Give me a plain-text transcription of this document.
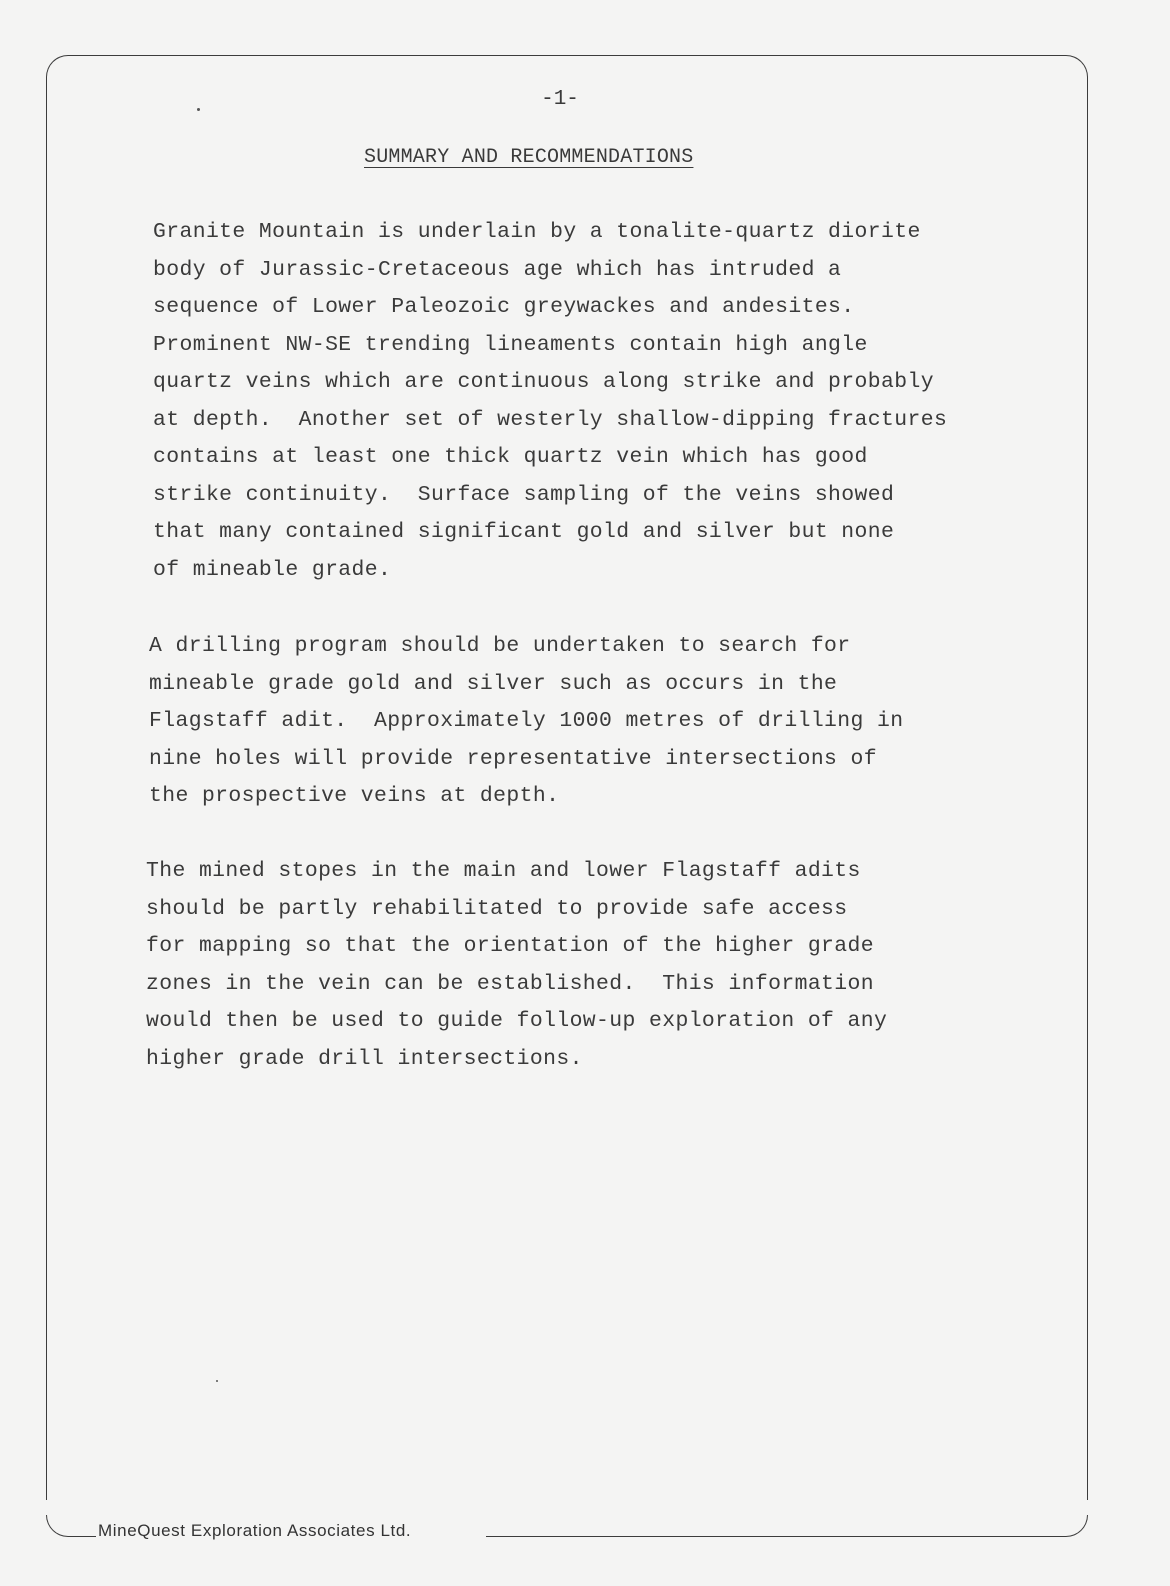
MineQuest Exploration Associates Ltd.
-1-
SUMMARY AND RECOMMENDATIONS
Granite Mountain is underlain by a tonalite-quartz diorite
body of Jurassic-Cretaceous age which has intruded a
sequence of Lower Paleozoic greywackes and andesites.
Prominent NW-SE trending lineaments contain high angle
quartz veins which are continuous along strike and probably
at depth.  Another set of westerly shallow-dipping fractures
contains at least one thick quartz vein which has good
strike continuity.  Surface sampling of the veins showed
that many contained significant gold and silver but none
of mineable grade.
A drilling program should be undertaken to search for
mineable grade gold and silver such as occurs in the
Flagstaff adit.  Approximately 1000 metres of drilling in
nine holes will provide representative intersections of
the prospective veins at depth.
The mined stopes in the main and lower Flagstaff adits
should be partly rehabilitated to provide safe access
for mapping so that the orientation of the higher grade
zones in the vein can be established.  This information
would then be used to guide follow-up exploration of any
higher grade drill intersections.
